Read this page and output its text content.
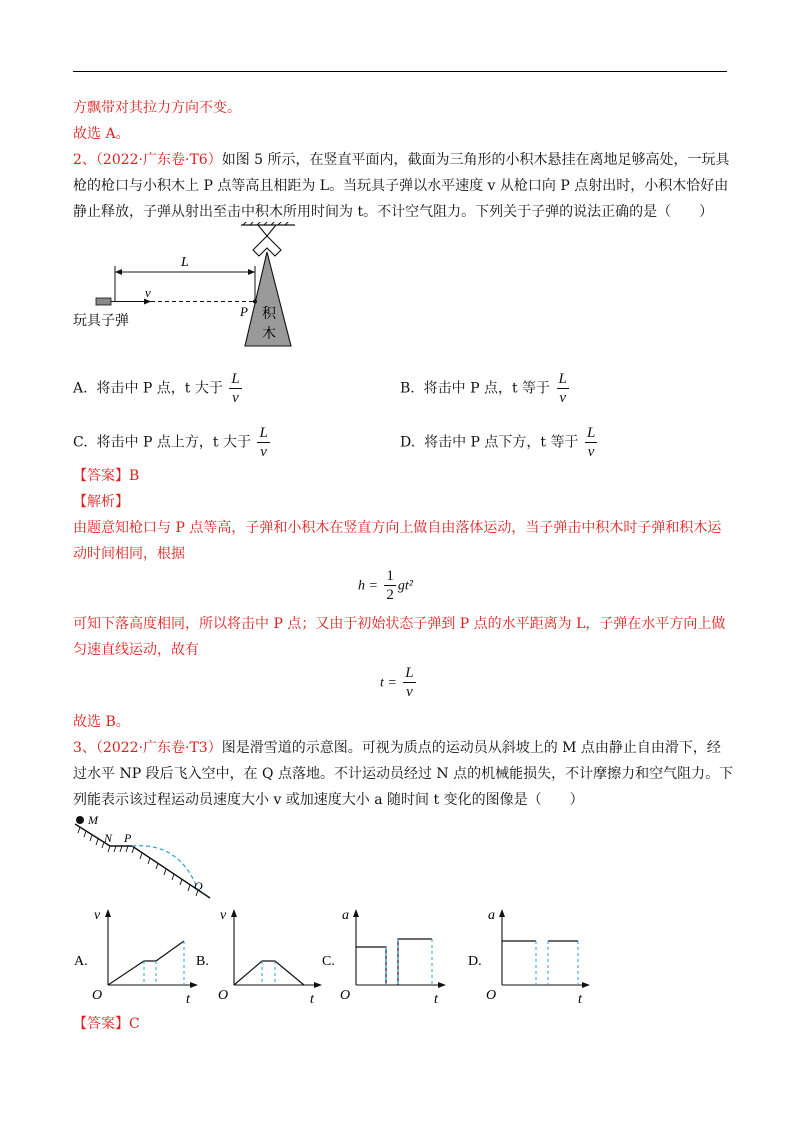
方飘带对其拉力方向不变。
故选 A。
2、（2022·广东卷·T6）如图 5 所示，在竖直平面内，截面为三角形的小积木悬挂在离地足够高处，一玩具
枪的枪口与小积木上 P 点等高且相距为 L。当玩具子弹以水平速度 v 从枪口向 P 点射出时，小积木恰好由
静止释放，子弹从射出至击中积木所用时间为 t。不计空气阻力。下列关于子弹的说法正确的是（　　）
L
v
P 积
木
玩具子弹
A. 将击中 P 点，t 大于 $\frac{L}{v}$	B. 将击中 P 点，t 等于 $\frac{L}{v}$
C. 将击中 P 点上方，t 大于 $\frac{L}{v}$	D. 将击中 P 点下方，t 等于 $\frac{L}{v}$
【答案】B
【解析】
由题意知枪口与 P 点等高，子弹和小积木在竖直方向上做自由落体运动，当子弹击中积木时子弹和积木运
动时间相同，根据
$h = \frac{1}{2} gt^2$
可知下落高度相同，所以将击中 P 点；又由于初始状态子弹到 P 点的水平距离为 L，子弹在水平方向上做
匀速直线运动，故有
$t = \frac{L}{v}$
故选 B。
3、（2022·广东卷·T3）图是滑雪道的示意图。可视为质点的运动员从斜坡上的 M 点由静止自由滑下，经
过水平 NP 段后飞入空中，在 Q 点落地。不计运动员经过 N 点的机械能损失，不计摩擦力和空气阻力。下
列能表示该过程运动员速度大小 v 或加速度大小 a 随时间 t 变化的图像是（　　）
M
N P
Q
A.
v
O	t
B.
v
O	t
C.
a
O	t
D.
a
O	t
【答案】C
